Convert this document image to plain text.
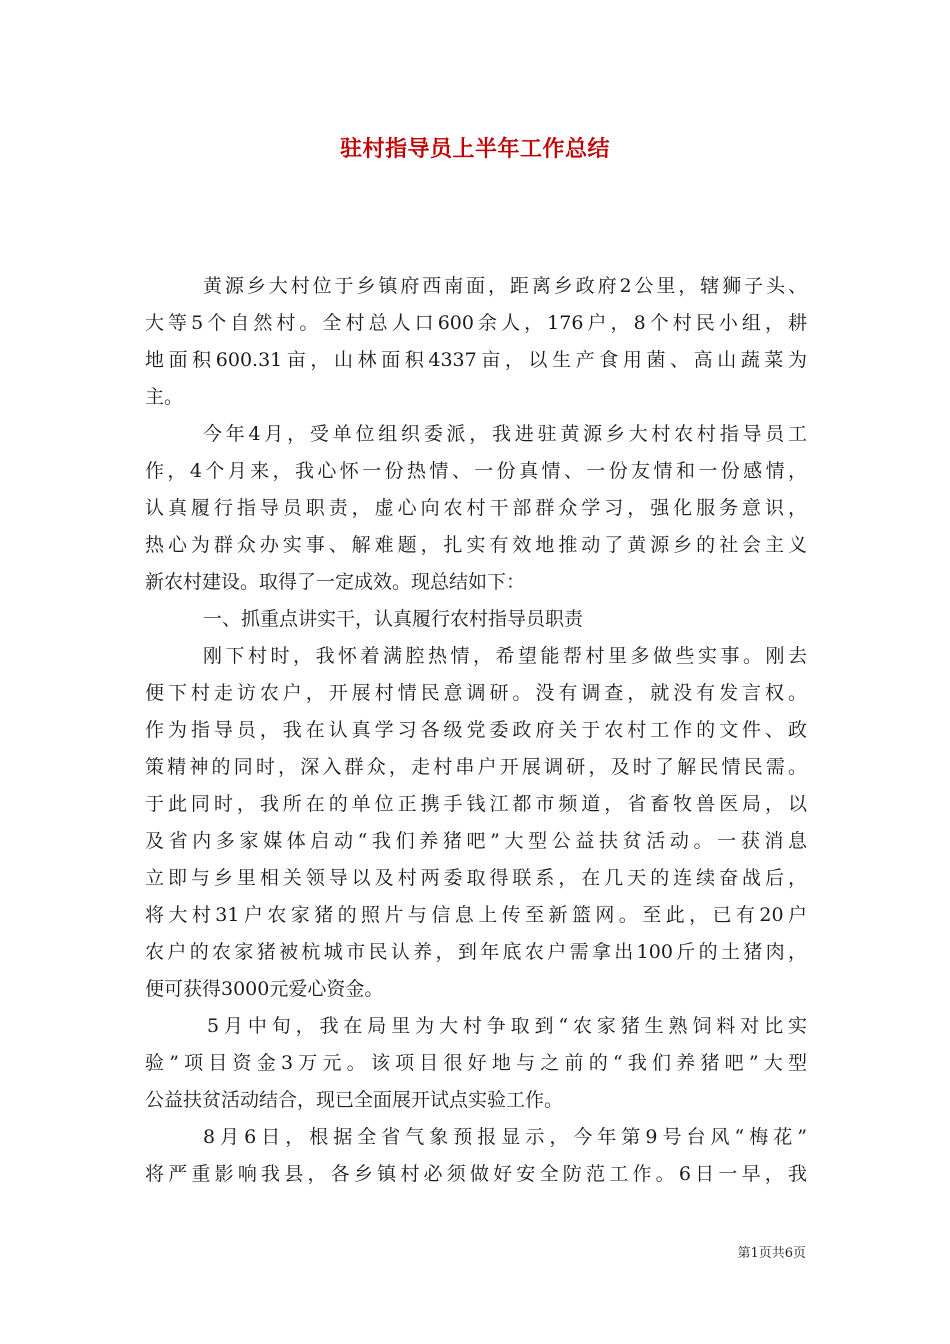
驻村指导员上半年工作总结
黄源乡大村位于乡镇府西南面，距离乡政府2公里，辖狮子头、
大等5个自然村。全村总人口600余人，176户，8个村民小组，耕
地面积600.31亩，山林面积4337亩，以生产食用菌、高山蔬菜为
主。
今年4月，受单位组织委派，我进驻黄源乡大村农村指导员工
作，4个月来，我心怀一份热情、一份真情、一份友情和一份感情，
认真履行指导员职责，虚心向农村干部群众学习，强化服务意识，
热心为群众办实事、解难题，扎实有效地推动了黄源乡的社会主义
新农村建设。取得了一定成效。现总结如下：
一、抓重点讲实干，认真履行农村指导员职责
刚下村时，我怀着满腔热情，希望能帮村里多做些实事。刚去
便下村走访农户，开展村情民意调研。没有调查，就没有发言权。
作为指导员，我在认真学习各级党委政府关于农村工作的文件、政
策精神的同时，深入群众，走村串户开展调研，及时了解民情民需。
于此同时，我所在的单位正携手钱江都市频道，省畜牧兽医局，以
及省内多家媒体启动“我们养猪吧”大型公益扶贫活动。一获消息
立即与乡里相关领导以及村两委取得联系，在几天的连续奋战后，
将大村31户农家猪的照片与信息上传至新篮网。至此，已有20户
农户的农家猪被杭城市民认养，到年底农户需拿出100斤的土猪肉，
便可获得3000元爱心资金。
5月中旬，我在局里为大村争取到“农家猪生熟饲料对比实
验”项目资金3万元。该项目很好地与之前的“我们养猪吧”大型
公益扶贫活动结合，现已全面展开试点实验工作。
8月6日，根据全省气象预报显示，今年第9号台风“梅花”
将严重影响我县，各乡镇村必须做好安全防范工作。6日一早，我
第1页共6页
